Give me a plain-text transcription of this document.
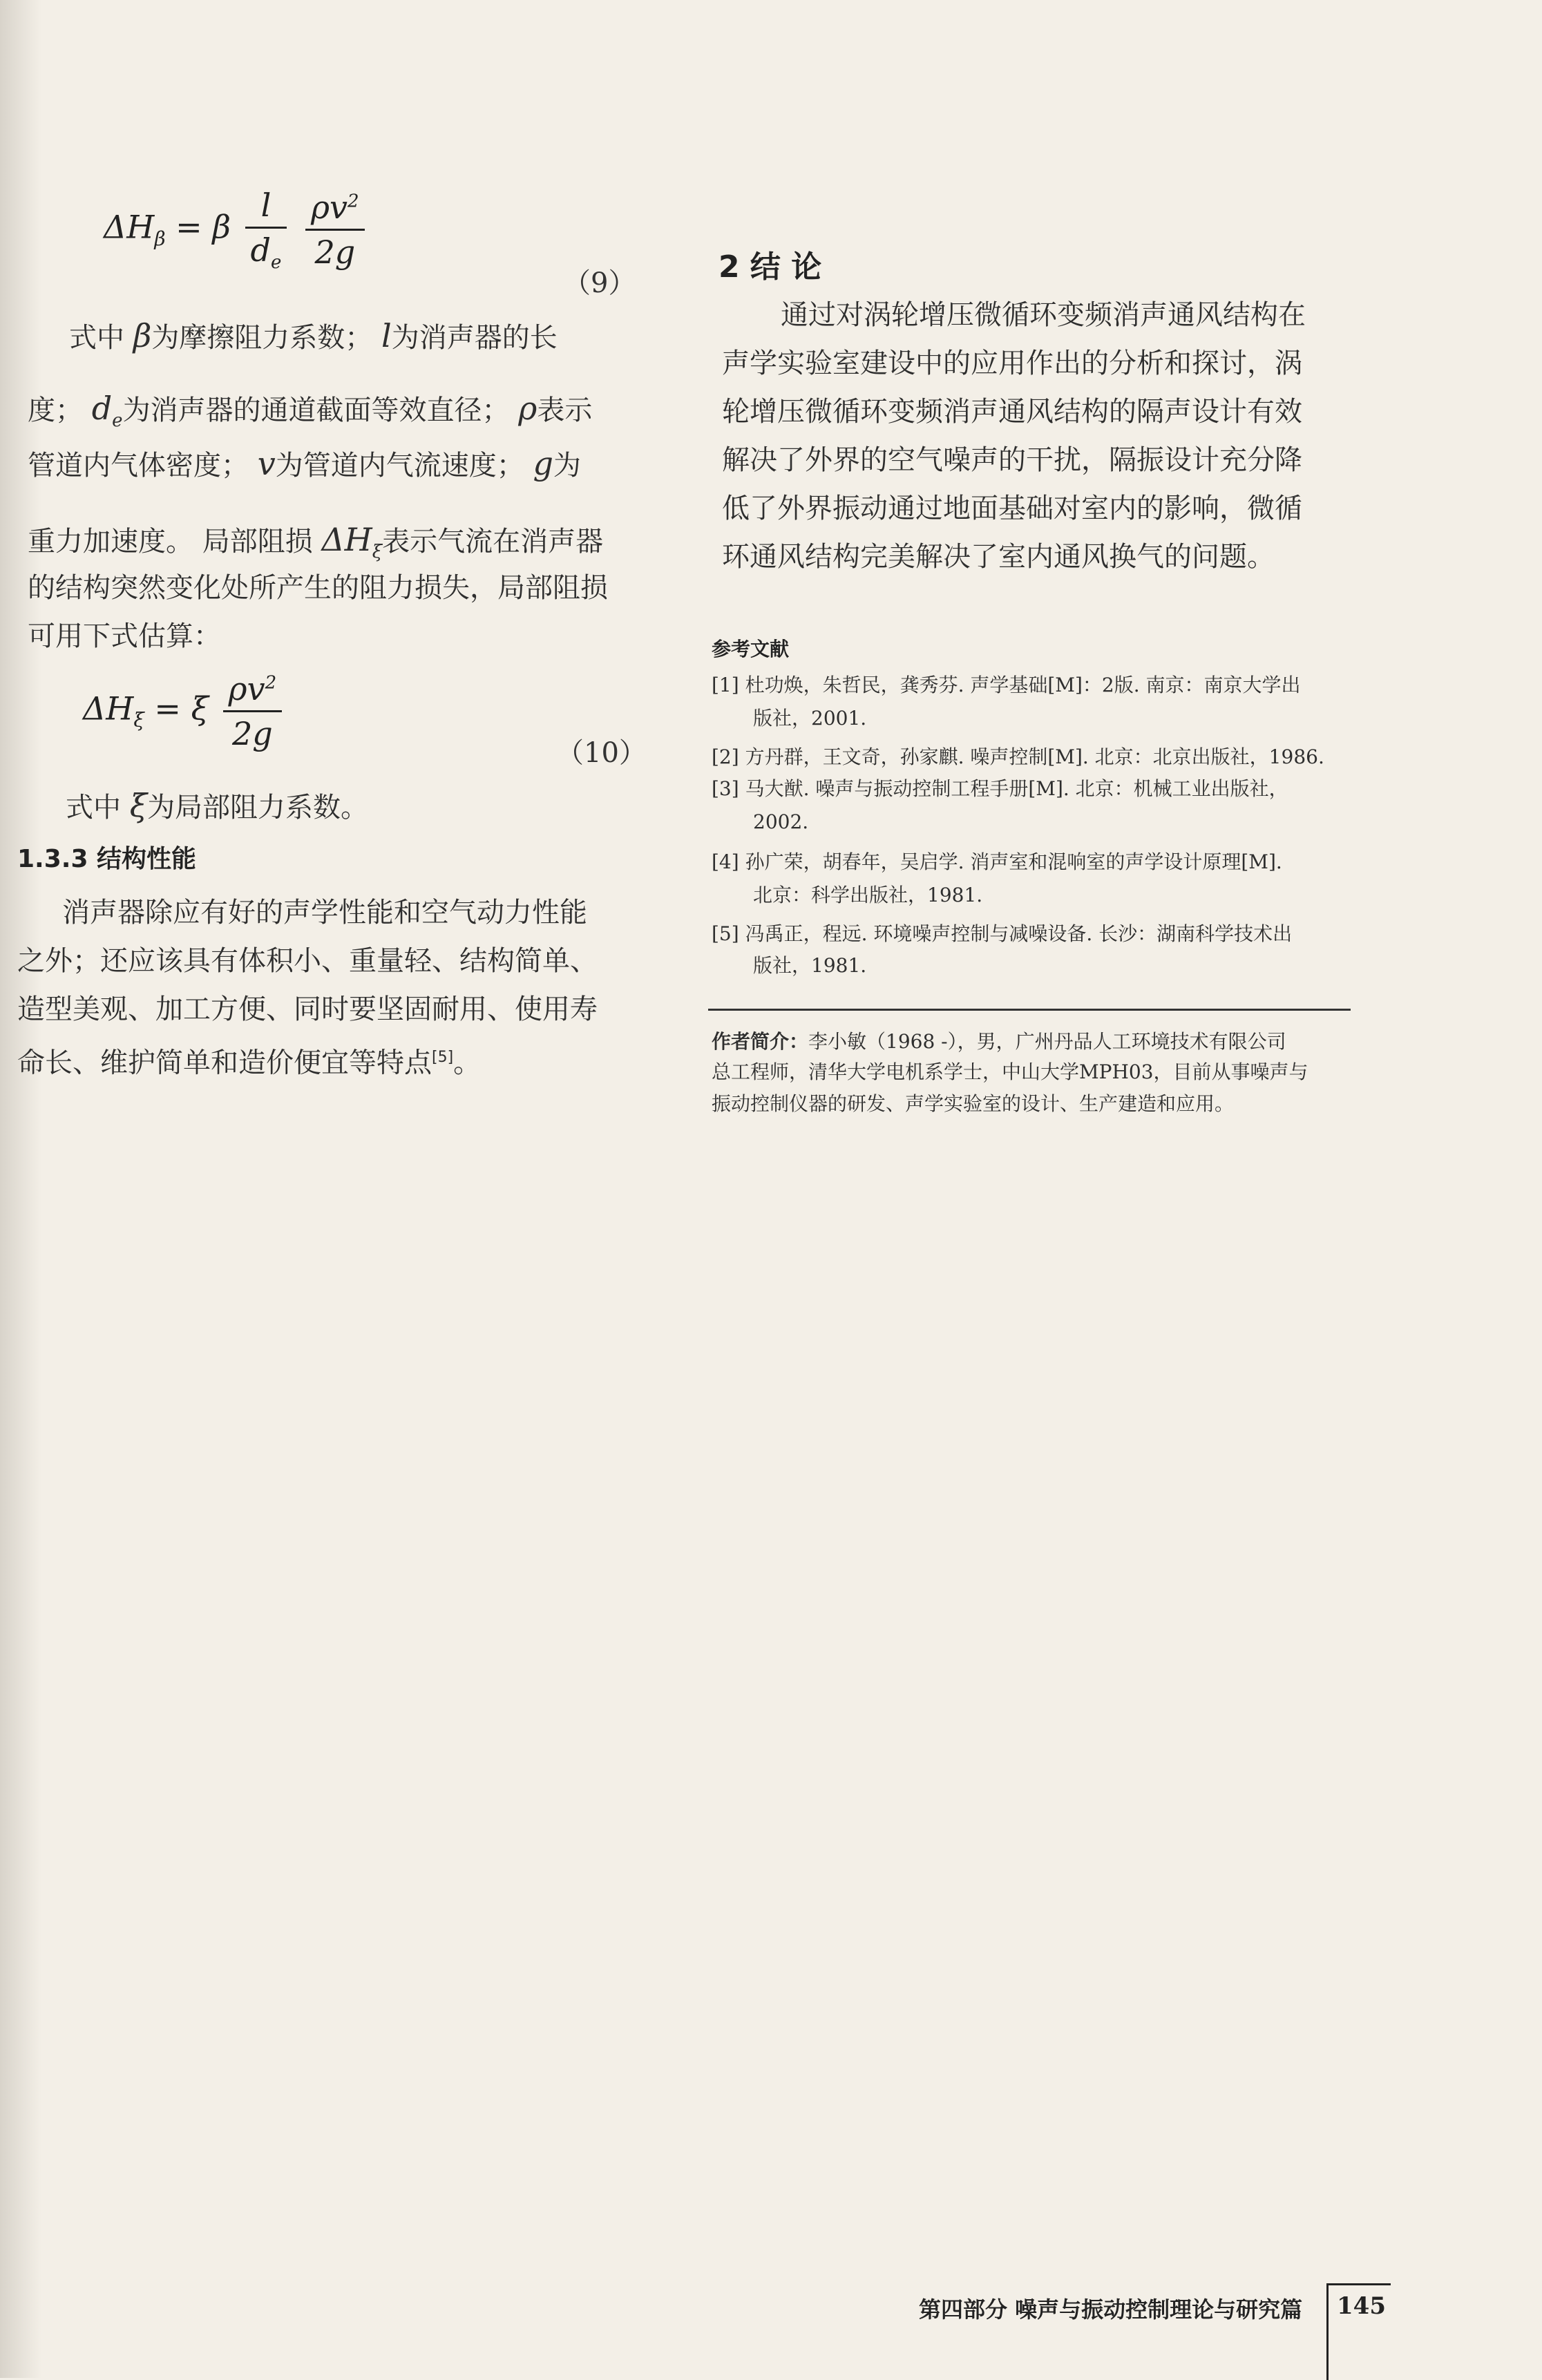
$\Delta H_\beta = \beta \frac{l}{d_e}$
$\frac{\rho v^2}{2g}$
（9）
式中 β为摩擦阻力系数； l为消声器的长
度； $d_e$为消声器的通道截面等效直径； ρ表示
管道内气体密度； v为管道内气流速度； g为
重力加速度。 局部阻损 $\Delta H_\xi$表示气流在消声器
的结构突然变化处所产生的阻力损失，局部阻损
可用下式估算：
$\Delta H_\xi = \xi \frac{\rho v^2}{2g}$
（10）
式中 ξ为局部阻力系数。
1.3.3 结构性能
消声器除应有好的声学性能和空气动力性能
之外；还应该具有体积小、重量轻、结构简单、
造型美观、加工方便、同时要坚固耐用、使用寿
命长、维护简单和造价便宜等特点[5]。
2 结 论
通过对涡轮增压微循环变频消声通风结构在
声学实验室建设中的应用作出的分析和探讨，涡
轮增压微循环变频消声通风结构的隔声设计有效
解决了外界的空气噪声的干扰，隔振设计充分降
低了外界振动通过地面基础对室内的影响，微循
环通风结构完美解决了室内通风换气的问题。
参考文献
[1] 杜功焕，朱哲民，龚秀芬. 声学基础[M]：2版. 南京：南京大学出
版社，2001.
[2] 方丹群，王文奇，孙家麒. 噪声控制[M]. 北京：北京出版社，1986.
[3] 马大猷. 噪声与振动控制工程手册[M]. 北京：机械工业出版社，
2002.
[4] 孙广荣，胡春年，吴启学. 消声室和混响室的声学设计原理[M].
北京：科学出版社，1981.
[5] 冯禹正，程远. 环境噪声控制与减噪设备. 长沙：湖南科学技术出
版社，1981.
作者简介：李小敏（1968 -），男，广州丹品人工环境技术有限公司
总工程师，清华大学电机系学士，中山大学MPH03，目前从事噪声与
振动控制仪器的研发、声学实验室的设计、生产建造和应用。
第四部分 噪声与振动控制理论与研究篇 145
